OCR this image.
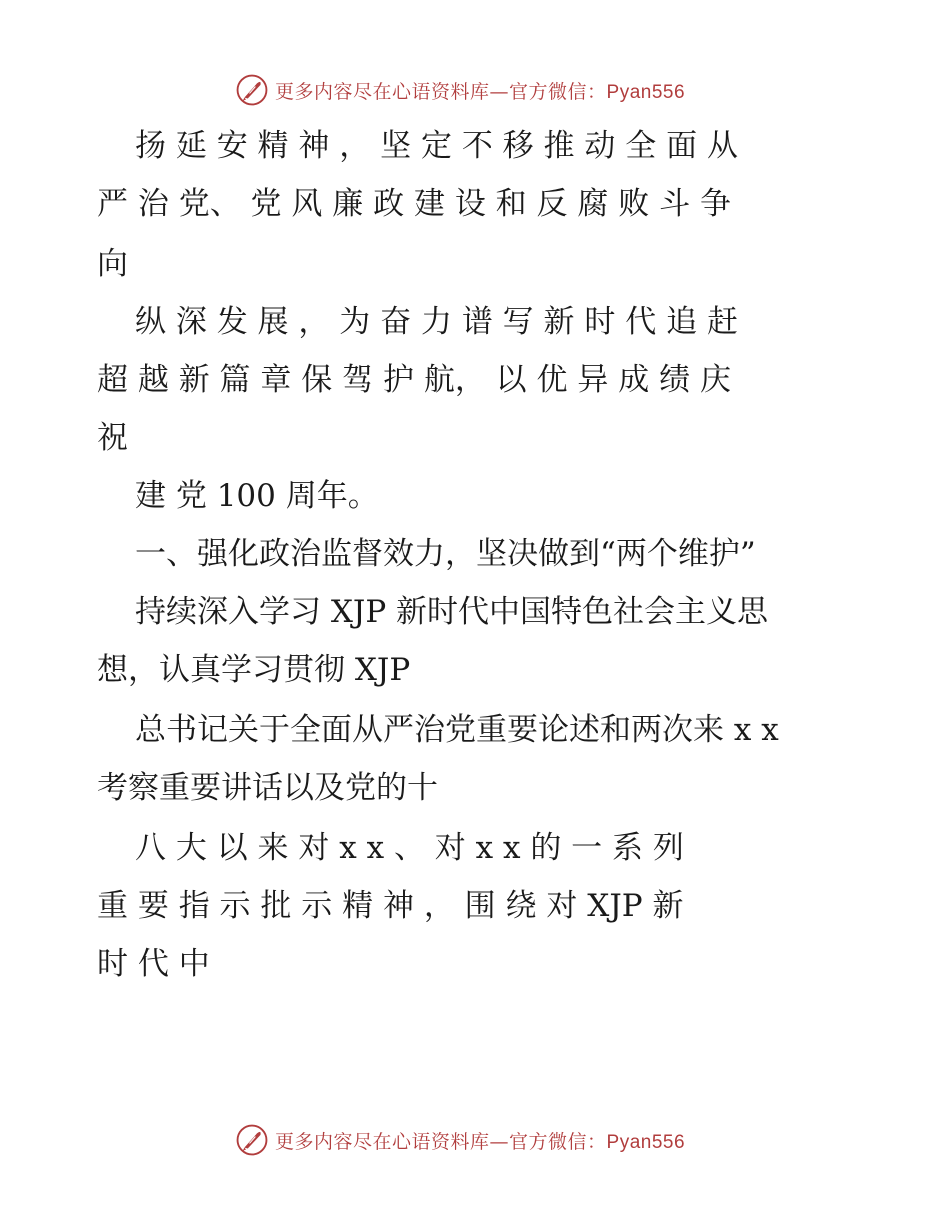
更多内容尽在心语资料库—官方微信：Pyan556
扬 延 安 精 神 ， 坚 定 不 移 推 动 全 面 从
严 治 党、 党 风 廉 政 建 设 和 反 腐 败 斗 争
向
纵 深 发 展 ， 为 奋 力 谱 写 新 时 代 追 赶
超 越 新 篇 章 保 驾 护 航， 以 优 异 成 绩 庆
祝
建 党 100 周年。
一、强化政治监督效力，坚决做到“两个维护”
持续深入学习 XJP 新时代中国特色社会主义思
想，认真学习贯彻 XJP
总书记关于全面从严治党重要论述和两次来 x x
考察重要讲话以及党的十
八 大 以 来 对 x x 、 对 x x 的 一 系 列
重 要 指 示 批 示 精 神 ， 围 绕 对 XJP 新
时 代 中
更多内容尽在心语资料库—官方微信：Pyan556
